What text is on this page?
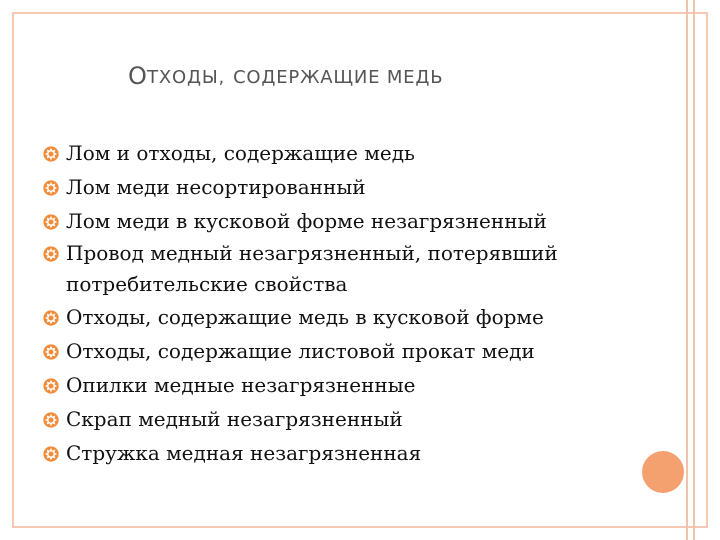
ОТХОДЫ, СОДЕРЖАЩИЕ МЕДЬ
Лом и отходы, содержащие медь
Лом меди несортированный
Лом меди в кусковой форме незагрязненный
Провод медный незагрязненный, потерявший потребительские свойства
Отходы, содержащие медь в кусковой форме
Отходы, содержащие листовой прокат меди
Опилки медные незагрязненные
Скрап медный незагрязненный
Стружка медная незагрязненная
